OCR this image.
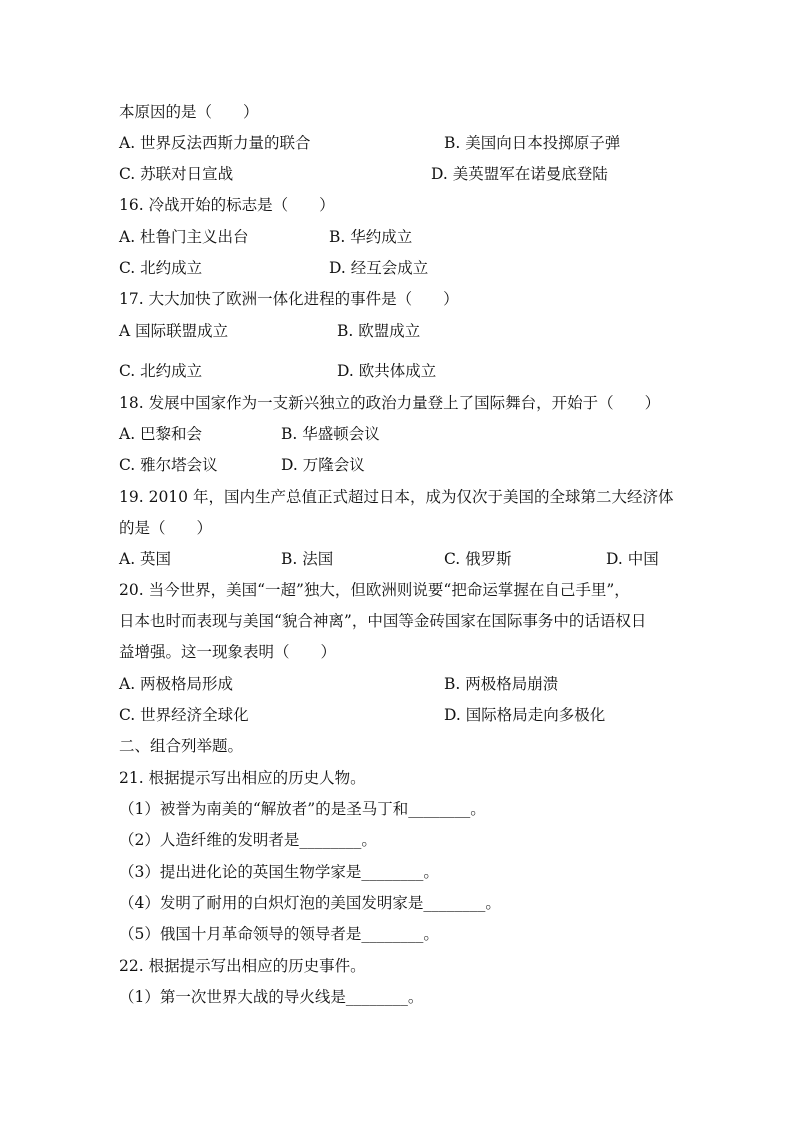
本原因的是（　　）
A. 世界反法西斯力量的联合	B. 美国向日本投掷原子弹
C. 苏联对日宣战	D. 美英盟军在诺曼底登陆
16. 冷战开始的标志是（　　）
A. 杜鲁门主义出台	B. 华约成立
C. 北约成立	D. 经互会成立
17. 大大加快了欧洲一体化进程的事件是（　　）
A 国际联盟成立	B. 欧盟成立
C. 北约成立	D. 欧共体成立
18. 发展中国家作为一支新兴独立的政治力量登上了国际舞台，开始于（　　）
A. 巴黎和会	B. 华盛顿会议
C. 雅尔塔会议	D. 万隆会议
19. 2010 年，国内生产总值正式超过日本，成为仅次于美国的全球第二大经济体
的是（　　）
A. 英国	B. 法国	C. 俄罗斯	D. 中国
20. 当今世界，美国“一超”独大，但欧洲则说要“把命运掌握在自己手里”，
日本也时而表现与美国“貌合神离”，中国等金砖国家在国际事务中的话语权日
益增强。这一现象表明（　　）
A. 两极格局形成	B. 两极格局崩溃
C. 世界经济全球化	D. 国际格局走向多极化
二、组合列举题。
21. 根据提示写出相应的历史人物。
（1）被誉为南美的“解放者”的是圣马丁和________。
（2）人造纤维的发明者是________。
（3）提出进化论的英国生物学家是________。
（4）发明了耐用的白炽灯泡的美国发明家是________。
（5）俄国十月革命领导的领导者是________。
22. 根据提示写出相应的历史事件。
（1）第一次世界大战的导火线是________。
